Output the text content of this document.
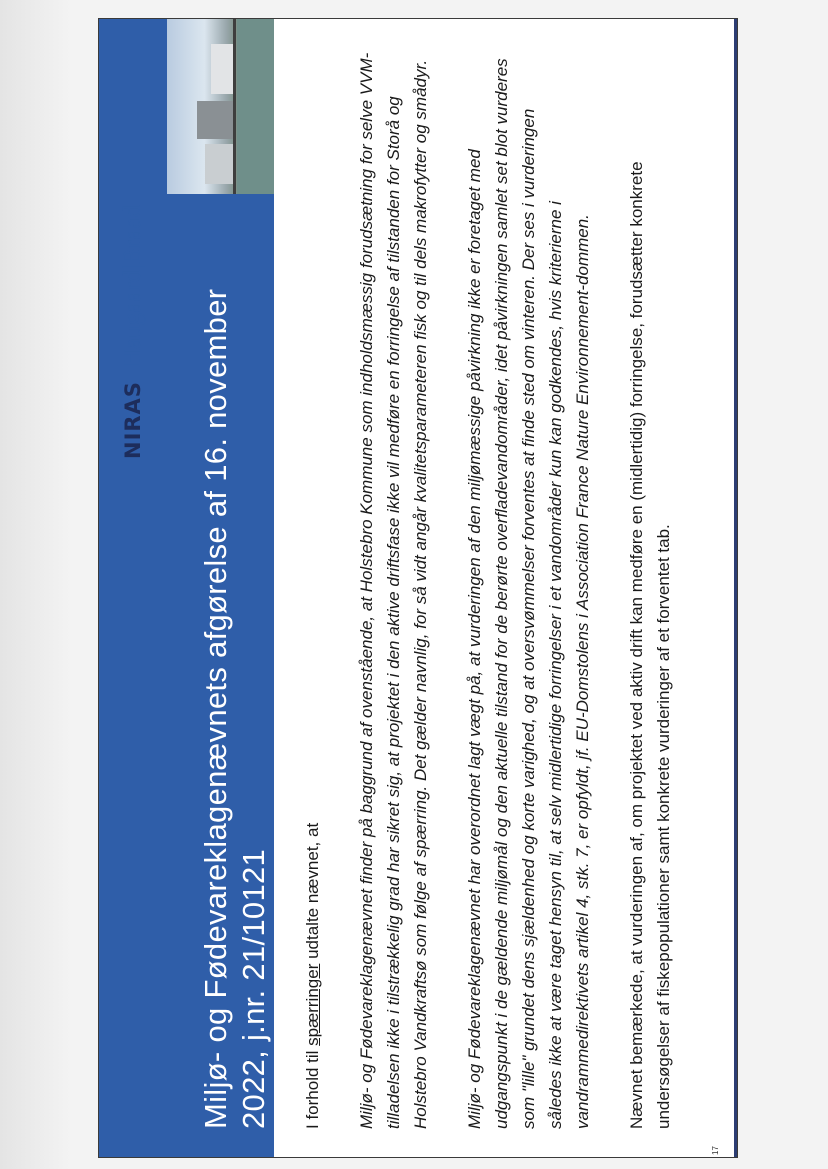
NIRAS
Haugaard|Braad
Miljø- og Fødevareklagenævnets afgørelse af 16. november 2022, j.nr. 21/10121 I forhold til spærringer udtalte nævnet, at Miljø- og Fødevareklagenævnet finder på baggrund af ovenstående, at Holstebro Kommune som indholdsmæssig forudsætning for selve VVM-tilladelsen ikke i tilstrækkelig grad har sikret sig, at projektet i den aktive driftsfase ikke vil medføre en forringelse af tilstanden for Storå og Holstebro Vandkraftsø som følge af spærring. Det gælder navnlig, for så vidt angår kvalitetsparameteren fisk og til dels makrofytter og smådyr. Miljø- og Fødevareklagenævnet har overordnet lagt vægt på, at vurderingen af den miljømæssige påvirkning ikke er foretaget med udgangspunkt i de gældende miljømål og den aktuelle tilstand for de berørte overfladevandområder, idet påvirkningen samlet set blot vurderes som "lille" grundet dens sjældenhed og korte varighed, og at oversvømmelser forventes at finde sted om vinteren. Der ses i vurderingen således ikke at være taget hensyn til, at selv midlertidige forringelser i et vandområder kun kan godkendes, hvis kriterierne i vandrammedirektivets artikel 4, stk. 7, er opfyldt, jf. EU-Domstolens i Association France Nature Environnement-dommen. Nævnet bemærkede, at vurderingen af, om projektet ved aktiv drift kan medføre en (midlertidig) forringelse, forudsætter konkrete undersøgelser af fiskepopulationer samt konkrete vurderinger af et forventet tab.

17
